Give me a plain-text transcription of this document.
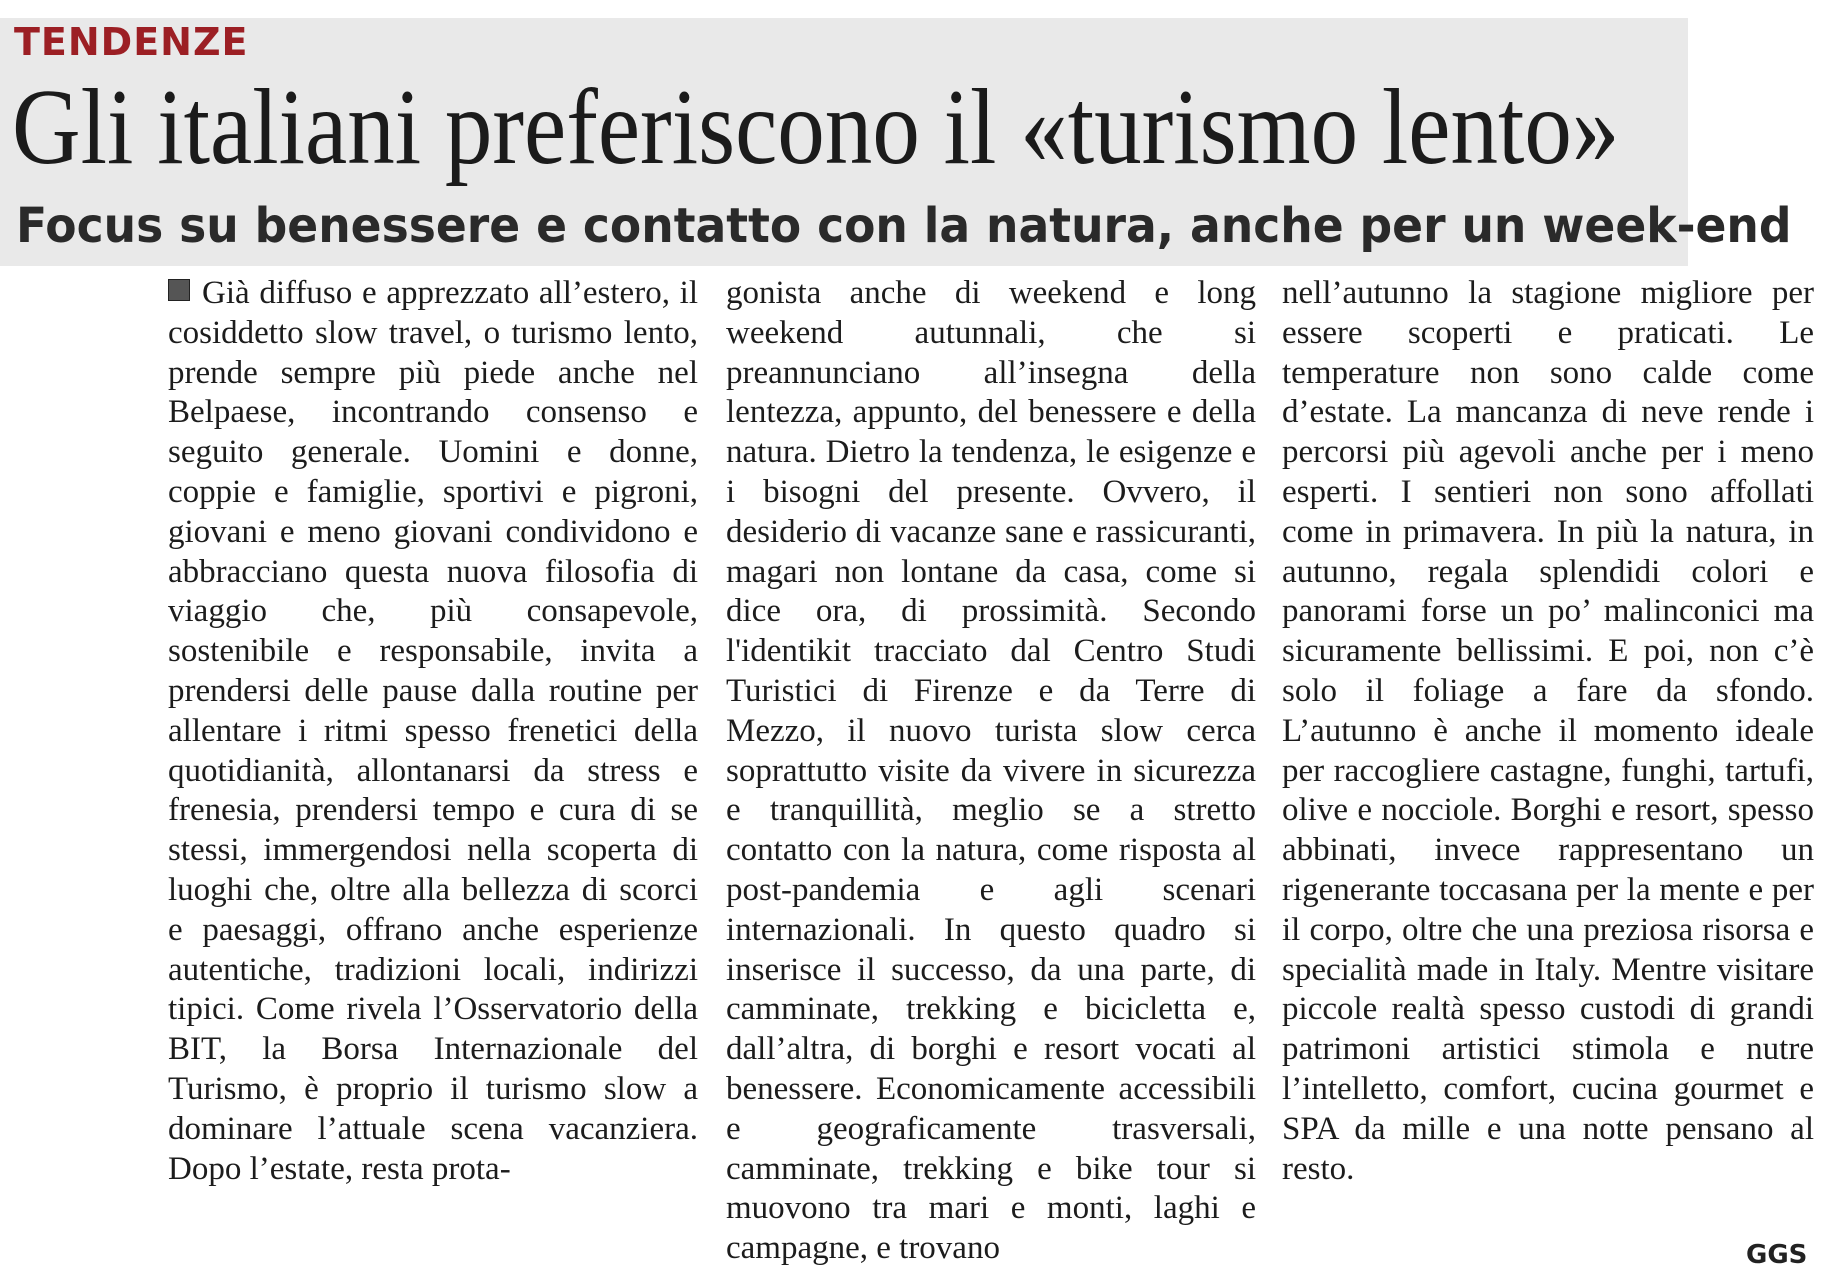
TENDENZE
Gli italiani preferiscono il «turismo lento»
Focus su benessere e contatto con la natura, anche per un week-end
Già diffuso e apprezzato all’estero, il cosiddetto slow travel, o turismo lento, prende sempre più piede anche nel Belpaese, incontrando consenso e seguito generale. Uomini e donne, coppie e famiglie, sportivi e pigroni, giovani e meno giovani condividono e abbracciano questa nuova filosofia di viaggio che, più consapevole, sostenibile e responsabile, invita a prendersi delle pause dalla routine per allentare i ritmi spesso frenetici della quotidianità, allontanarsi da stress e frenesia, prendersi tempo e cura di se stessi, immergendosi nella scoperta di luoghi che, oltre alla bellezza di scorci e paesaggi, offrano anche esperienze autentiche, tradizioni locali, indirizzi tipici. Come rivela l’Osservatorio della BIT, la Borsa Internazionale del Turismo, è proprio il turismo slow a dominare l’attuale scena vacanziera. Dopo l’estate, resta prota-
gonista anche di weekend e long weekend autunnali, che si preannunciano all’insegna della lentezza, appunto, del benessere e della natura. Dietro la tendenza, le esigenze e i bisogni del presente. Ovvero, il desiderio di vacanze sane e rassicuranti, magari non lontane da casa, come si dice ora, di prossimità. Secondo l'identikit tracciato dal Centro Studi Turistici di Firenze e da Terre di Mezzo, il nuovo turista slow cerca soprattutto visite da vivere in sicurezza e tranquillità, meglio se a stretto contatto con la natura, come risposta al post-pandemia e agli scenari internazionali. In questo quadro si inserisce il successo, da una parte, di camminate, trekking e bicicletta e, dall’altra, di borghi e resort vocati al benessere. Economicamente accessibili e geograficamente trasversali, camminate, trekking e bike tour si muovono tra mari e monti, laghi e campagne, e trovano
nell’autunno la stagione migliore per essere scoperti e praticati. Le temperature non sono calde come d’estate. La mancanza di neve rende i percorsi più agevoli anche per i meno esperti. I sentieri non sono affollati come in primavera. In più la natura, in autunno, regala splendidi colori e panorami forse un po’ malinconici ma sicuramente bellissimi. E poi, non c’è solo il foliage a fare da sfondo. L’autunno è anche il momento ideale per raccogliere castagne, funghi, tartufi, olive e nocciole. Borghi e resort, spesso abbinati, invece rappresentano un rigenerante toccasana per la mente e per il corpo, oltre che una preziosa risorsa e specialità made in Italy. Mentre visitare piccole realtà spesso custodi di grandi patrimoni artistici stimola e nutre l’intelletto, comfort, cucina gourmet e SPA da mille e una notte pensano al resto.
GGS
